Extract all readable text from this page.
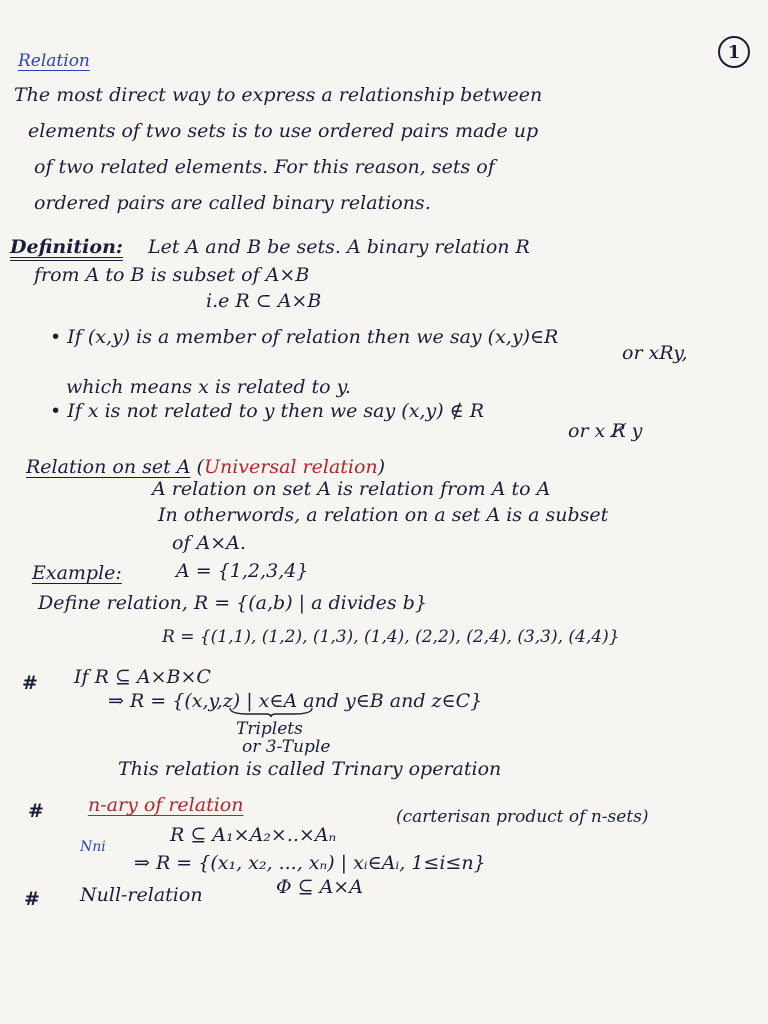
1
Relation
The most direct way to express a relationship between
elements of two sets is to use ordered pairs made up
of two related elements. For this reason, sets of
ordered pairs are called binary relations.
Definition: Let A and B be sets. A binary relation R
from A to B is subset of A×B
i.e R ⊂ A×B
• If (x,y) is a member of relation then we say (x,y)∈R
or xRy,
which means x is related to y.
• If x is not related to y then we say (x,y) ∉ R
or x R̸ y
Relation on set A (Universal relation)
A relation on set A is relation from A to A
In otherwords, a relation on a set A is a subset
of A×A.
Example:	A = {1,2,3,4}
Define relation, R = {(a,b) | a divides b}
R = {(1,1), (1,2), (1,3), (1,4), (2,2), (2,4), (3,3), (4,4)}
# If R ⊆ A×B×C
⇒ R = {(x,y,z) | x∈A and y∈B and z∈C}
Triplets
or 3-Tuple
This relation is called Trinary operation
# n-ary of relation
Nni
R ⊆ A₁×A₂×..×Aₙ
(carterisan product of n-sets)
⇒ R = {(x₁, x₂, ..., xₙ) | xᵢ∈Aᵢ, 1≤i≤n}
# Null-relation	Φ ⊆ A×A
